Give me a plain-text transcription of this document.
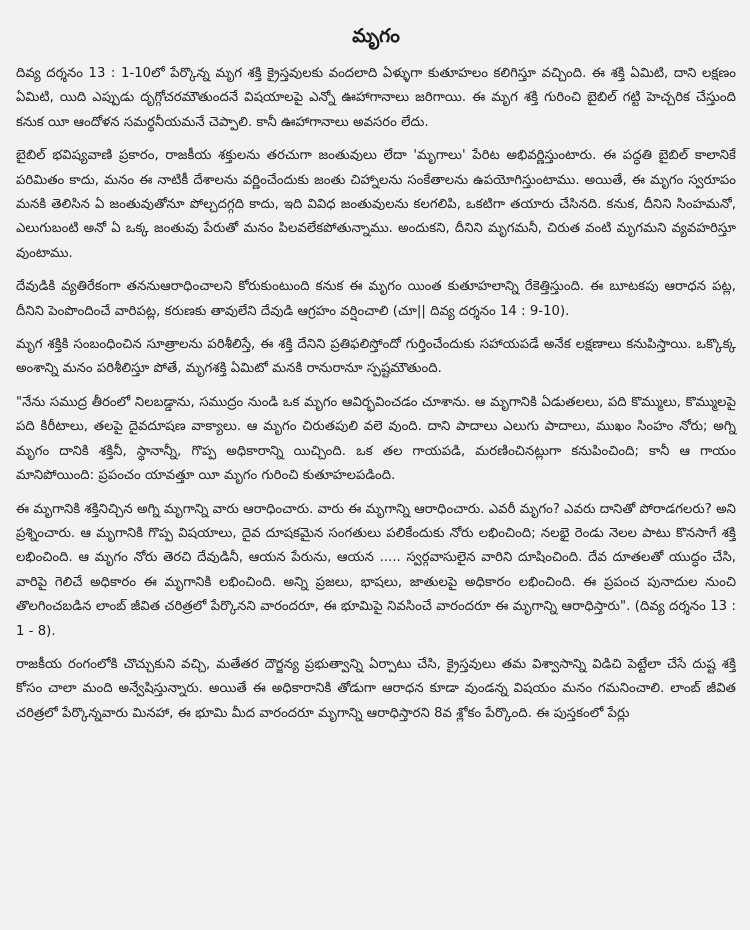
మృగం

దివ్య దర్శనం 13 : 1-10లో పేర్కొన్న మృగ శక్తి క్రైస్తవులకు వందలాది ఏళ్ళుగా కుతూహలం కలిగిస్తూ వచ్చింది. ఈ శక్తి ఏమిటి, దాని లక్షణం ఏమిటి, యిది ఎప్పుడు దృగ్గోచరమౌతుందనే విషయాలపై ఎన్నో ఊహాగానాలు జరిగాయి. ఈ మృగ శక్తి గురించి బైబిల్ గట్టి హెచ్చరిక చేస్తుంది కనుక యీ ఆందోళన సమర్థనీయమనే చెప్పాలి. కానీ ఊహాగానాలు అవసరం లేదు.

బైబిల్ భవిష్యవాణి ప్రకారం, రాజకీయ శక్తులను తరచుగా జంతువులు లేదా 'మృగాలు' పేరిట అభివర్ణిస్తుంటారు. ఈ పద్ధతి బైబిల్ కాలానికే పరిమితం కాదు, మనం ఈ నాటికీ దేశాలను వర్ణించేందుకు జంతు చిహ్నాలను సంకేతాలను ఉపయోగిస్తుంటాము. అయితే, ఈ మృగం స్వరూపం మనకి తెలిసిన ఏ జంతువుతోనూ పోల్చదగ్గది కాదు, ఇది వివిధ జంతువులను కలగలిపి, ఒకటిగా తయారు చేసినది. కనుక, దీనిని సింహమనో, ఎలుగుబంటి అనో ఏ ఒక్క జంతువు పేరుతో మనం పిలవలేకపోతున్నాము. అందుకని, దీనిని మృగమనీ, చిరుత వంటి మృగమని వ్యవహరిస్తూ వుంటాము.

దేవుడికి వ్యతిరేకంగా తననుఆరాధించాలని కోరుకుంటుంది కనుక ఈ మృగం యింత కుతూహలాన్ని రేకెత్తిస్తుంది. ఈ బూటకపు ఆరాధన పట్ల, దీనిని పెంపొందించే వారిపట్ల, కరుణకు తావులేని దేవుడి ఆగ్రహం వర్షించాలి (చూ|| దివ్య దర్శనం 14 : 9-10).

మృగ శక్తికి సంబంధించిన సూత్రాలను పరిశీలిస్తే, ఈ శక్తి దేనిని ప్రతిఫలిస్తోందో గుర్తించేందుకు సహాయపడే అనేక లక్షణాలు కనుపిస్తాయి. ఒక్కొక్క అంశాన్ని మనం పరిశీలిస్తూ పోతే, మృగశక్తి ఏమిటో మనకి రానురానూ స్పష్టమౌతుంది.

"నేను సముద్ర తీరంలో నిలబడ్డాను, సముద్రం నుండి ఒక మృగం ఆవిర్భవించడం చూశాను. ఆ మృగానికి ఏడుతలలు, పది కొమ్ములు, కొమ్ములపై పది కిరీటాలు, తలపై దైవదూషణ వాక్యాలు. ఆ మృగం చిరుతపులి వలె వుంది. దాని పాదాలు ఎలుగు పాదాలు, ముఖం సింహం నోరు; అగ్ని మృగం దానికి శక్తినీ, స్థానాన్నీ, గొప్ప అధికారాన్ని యిచ్చింది. ఒక తల గాయపడి, మరణించినట్లుగా కనుపించింది; కానీ ఆ గాయం మానిపోయింది: ప్రపంచం యావత్తూ యీ మృగం గురించి కుతూహలపడింది.

ఈ మృగానికి శక్తినిచ్చిన అగ్ని మృగాన్ని వారు ఆరాధించారు. వారు ఈ మృగాన్ని ఆరాధించారు. ఎవరీ మృగం? ఎవరు దానితో పోరాడగలరు? అని ప్రశ్నించారు. ఆ మృగానికి గొప్ప విషయాలు, దైవ దూషకమైన సంగతులు పలికేందుకు నోరు లభించింది; నలభై రెండు నెలల పాటు కొనసాగే శక్తి లభించింది. ఆ మృగం నోరు తెరచి దేవుడినీ, ఆయన పేరును, ఆయన ..... స్వర్గవాసులైన వారిని దూషించింది. దేవ దూతలతో యుద్ధం చేసి, వారిపై గెలిచే అధికారం ఈ మృగానికి లభించింది. అన్ని ప్రజలు, భాషలు, జాతులపై అధికారం లభించింది. ఈ ప్రపంచ పునాదుల నుంచి తొలగించబడిన లాంబ్ జీవిత చరిత్రలో పేర్కొనని వారందరూ, ఈ భూమిపై నివసించే వారందరూ ఈ మృగాన్ని ఆరాధిస్తారు". (దివ్య దర్శనం 13 : 1 - 8).

రాజకీయ రంగంలోకి చొచ్చుకుని వచ్చి, మతేతర దౌర్జన్య ప్రభుత్వాన్ని ఏర్పాటు చేసి, క్రైస్తవులు తమ విశ్వాసాన్ని విడిచి పెట్టేలా చేసే దుష్ట శక్తి కోసం చాలా మంది అన్వేషిస్తున్నారు. అయితే ఈ అధికారానికి తోడుగా ఆరాధన కూడా వుండన్న విషయం మనం గమనించాలి. లాంబ్ జీవిత చరిత్రలో పేర్కొన్నవారు మినహా, ఈ భూమి మీద వారందరూ మృగాన్ని ఆరాధిస్తారని 8వ శ్లోకం పేర్కొంది. ఈ పుస్తకంలో పేర్లు
